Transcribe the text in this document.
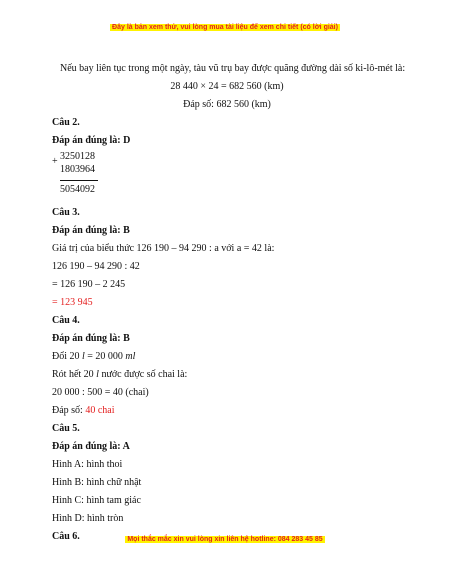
Đây là bản xem thử, vui lòng mua tài liệu để xem chi tiết (có lời giải)
Nếu bay liên tục trong một ngày, tàu vũ trụ bay được quãng đường dài số ki-lô-mét là:
28 440 × 24 = 682 560 (km)
Đáp số: 682 560 (km)
Câu 2.
Đáp án đúng là: D
+ 3250128
1803964
5054092
Câu 3.
Đáp án đúng là: B
Giá trị của biểu thức 126 190 – 94 290 : a với a = 42 là:
126 190 – 94 290 : 42
= 126 190 – 2 245
= 123 945
Câu 4.
Đáp án đúng là: B
Đổi 20 l = 20 000 ml
Rót hết 20 l nước được số chai là:
20 000 : 500 = 40 (chai)
Đáp số: 40 chai
Câu 5.
Đáp án đúng là: A
Hình A: hình thoi
Hình B: hình chữ nhật
Hình C: hình tam giác
Hình D: hình tròn
Câu 6.	Mọi thắc mắc xin vui lòng xin liên hệ hotline: 084 283 45 85
